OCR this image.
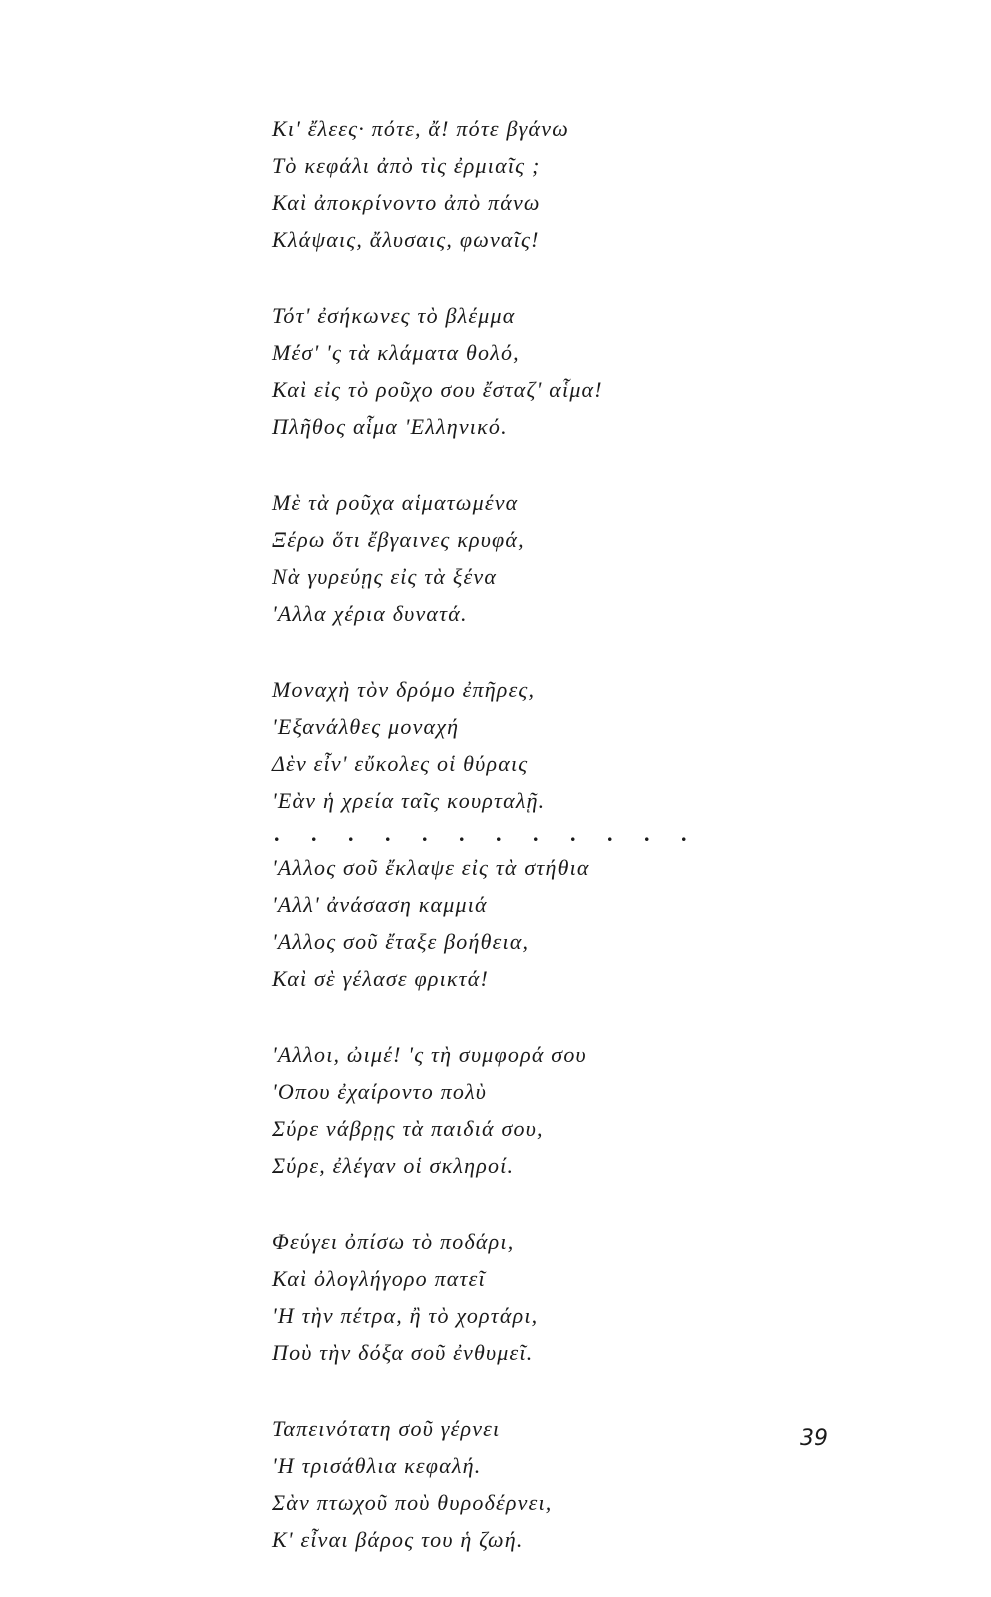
Κι' ἔλεες· πότε, ἄ! πότε βγάνω
Τὸ κεφάλι ἀπὸ τὶς ἐρμιαῖς ;
Καὶ ἀποκρίνοντο ἀπὸ πάνω
Κλάψαις, ἄλυσαις, φωναῖς!
Τότ' ἐσήκωνες τὸ βλέμμα
Μέσ' 'ς τὰ κλάματα θολό,
Καὶ εἰς τὸ ροῦχο σου ἔσταζ' αἷμα!
Πλῆθος αἷμα 'Ελληνικό.
Μὲ τὰ ροῦχα αἱματωμένα
Ξέρω ὅτι ἔβγαινες κρυφά,
Νὰ γυρεύῃς εἰς τὰ ξένα
'Αλλα χέρια δυνατά.
Μοναχὴ τὸν δρόμο ἐπῆρες,
'Εξανάλθες μοναχή
Δὲν εἶν' εὔκολες οἱ θύραις
'Εὰν ἡ χρεία ταῖς κουρταλῇ.
. . . . . . . . . . . .
'Αλλος σοῦ ἔκλαψε εἰς τὰ στήθια
'Αλλ' ἀνάσαση καμμιά
'Αλλος σοῦ ἔταξε βοήθεια,
Καὶ σὲ γέλασε φρικτά!
'Αλλοι, ὠιμέ! 'ς τὴ συμφορά σου
'Οπου ἐχαίροντο πολὺ
Σύρε νάβρῃς τὰ παιδιά σου,
Σύρε, ἐλέγαν οἱ σκληροί.
Φεύγει ὀπίσω τὸ ποδάρι,
Καὶ ὀλογλήγορο πατεῖ
'Η τὴν πέτρα, ἢ τὸ χορτάρι,
Ποὺ τὴν δόξα σοῦ ἐνθυμεῖ.
Ταπεινότατη σοῦ γέρνει
'Η τρισάθλια κεφαλή.
Σὰν πτωχοῦ ποὺ θυροδέρνει,
Κ' εἶναι βάρος του ἡ ζωή.
39
